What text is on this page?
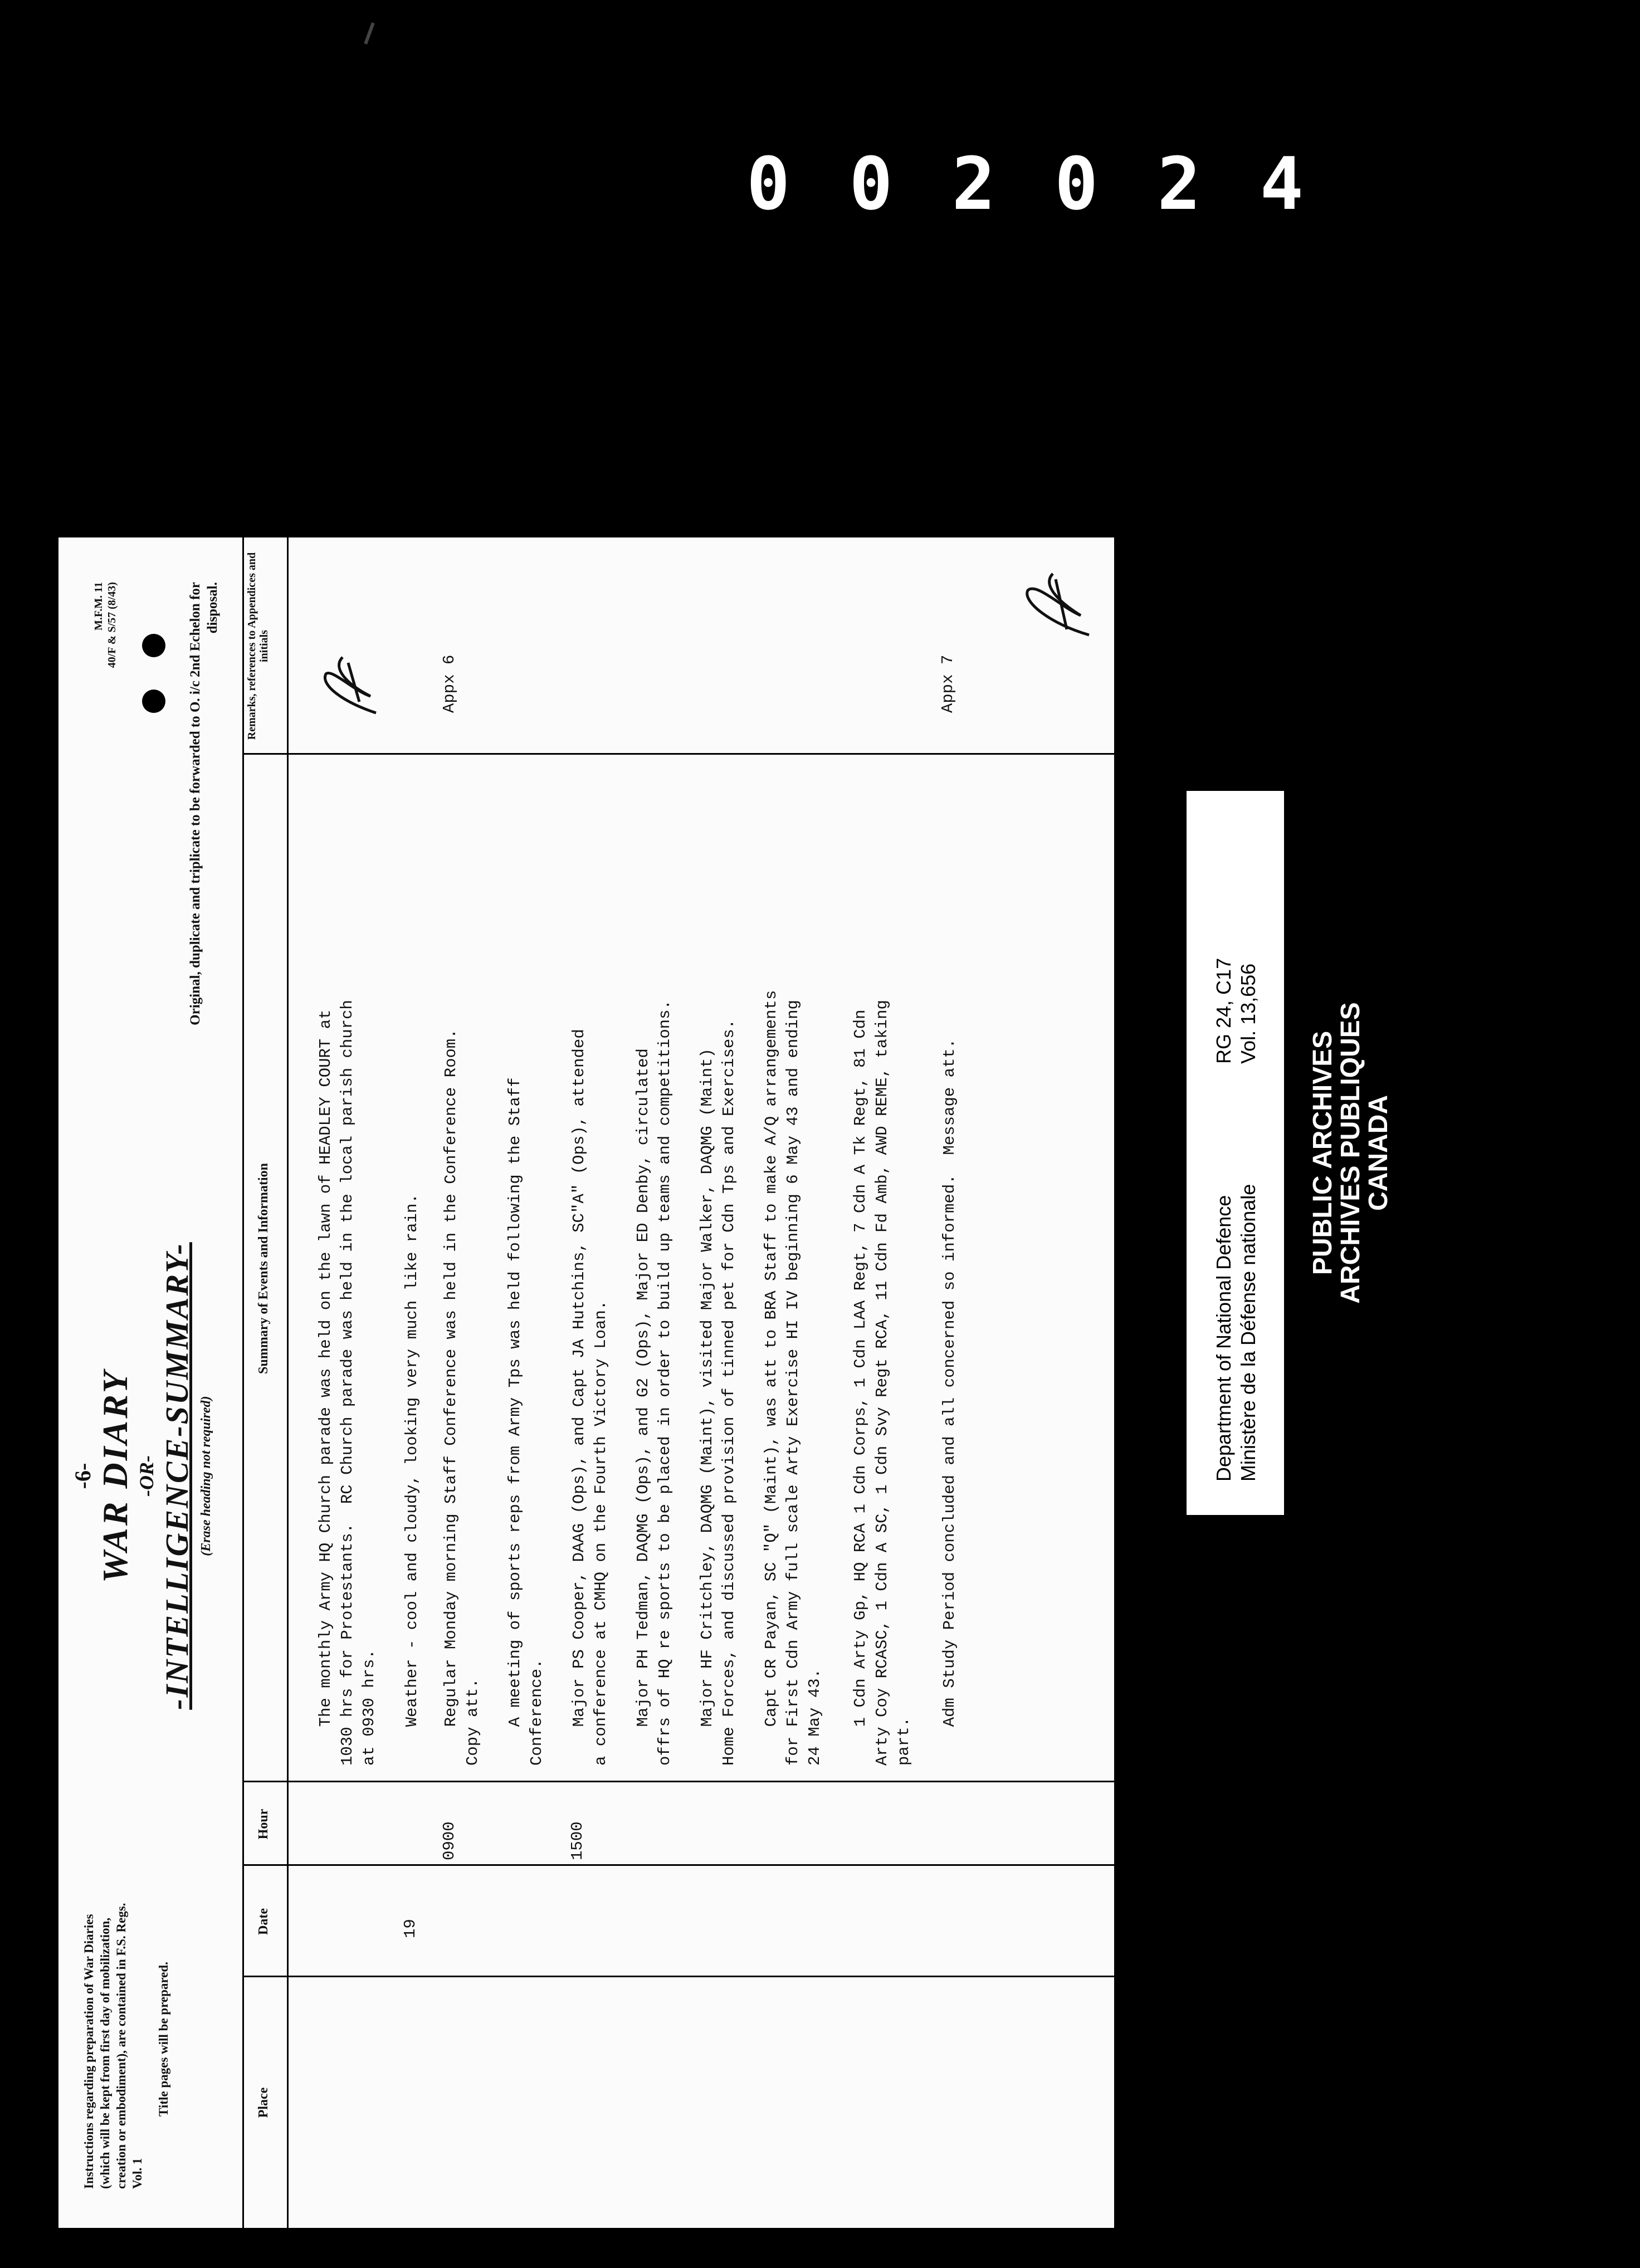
0 0 2 0 2 4
Instructions regarding preparation of War Diaries (which will be kept from first day of mobilization, creation or embodiment), are contained in F.S. Regs. Vol. 1
Title pages will be prepared.
-6- WAR DIARY -OR- -INTELLIGENCE-SUMMARY- (Erase heading not required)
M.F.M. 11 40/F & S/57 (8/43)	Original, duplicate and triplicate to be forwarded to O. i/c 2nd Echelon for disposal.
Place
Date
Hour
Summary of Events and Information
Remarks, references to Appendices and initials
The monthly Army HQ Church parade was held on the lawn of HEADLEY COURT at
1030 hrs for Protestants.  RC Church parade was held in the local parish church
at 0930 hrs.
19
Weather - cool and cloudy, looking very much like rain.
0900
Regular Monday morning Staff Conference was held in the Conference Room.
Copy att.
Appx 6
A meeting of sports reps from Army Tps was held following the Staff
Conference.
1500
Major PS Cooper, DAAG (Ops), and Capt JA Hutchins, SC"A" (Ops), attended
a conference at CMHQ on the Fourth Victory Loan.
Major PH Tedman, DAQMG (Ops), and G2 (Ops), Major ED Denby, circulated
offrs of HQ re sports to be placed in order to build up teams and competitions.
Major HF Critchley, DAQMG (Maint), visited Major Walker, DAQMG (Maint)
Home Forces, and discussed provision of tinned pet for Cdn Tps and Exercises.
Capt CR Payan, SC "Q" (Maint), was att to BRA Staff to make A/Q arrangements
for First Cdn Army full scale Arty Exercise HI IV beginning 6 May 43 and ending
24 May 43.
1 Cdn Arty Gp, HQ RCA 1 Cdn Corps, 1 Cdn LAA Regt, 7 Cdn A Tk Regt, 81 Cdn
Arty Coy RCASC, 1 Cdn A SC, 1 Cdn Svy Regt RCA, 11 Cdn Fd Amb, AWD REME, taking
part. Adm Study Period concluded and all concerned so informed.  Message att.
Appx 7
Department of National Defence Ministère de la Défense nationale
RG 24, C17 Vol. 13,656
PUBLIC ARCHIVES
ARCHIVES PUBLIQUES
CANADA
